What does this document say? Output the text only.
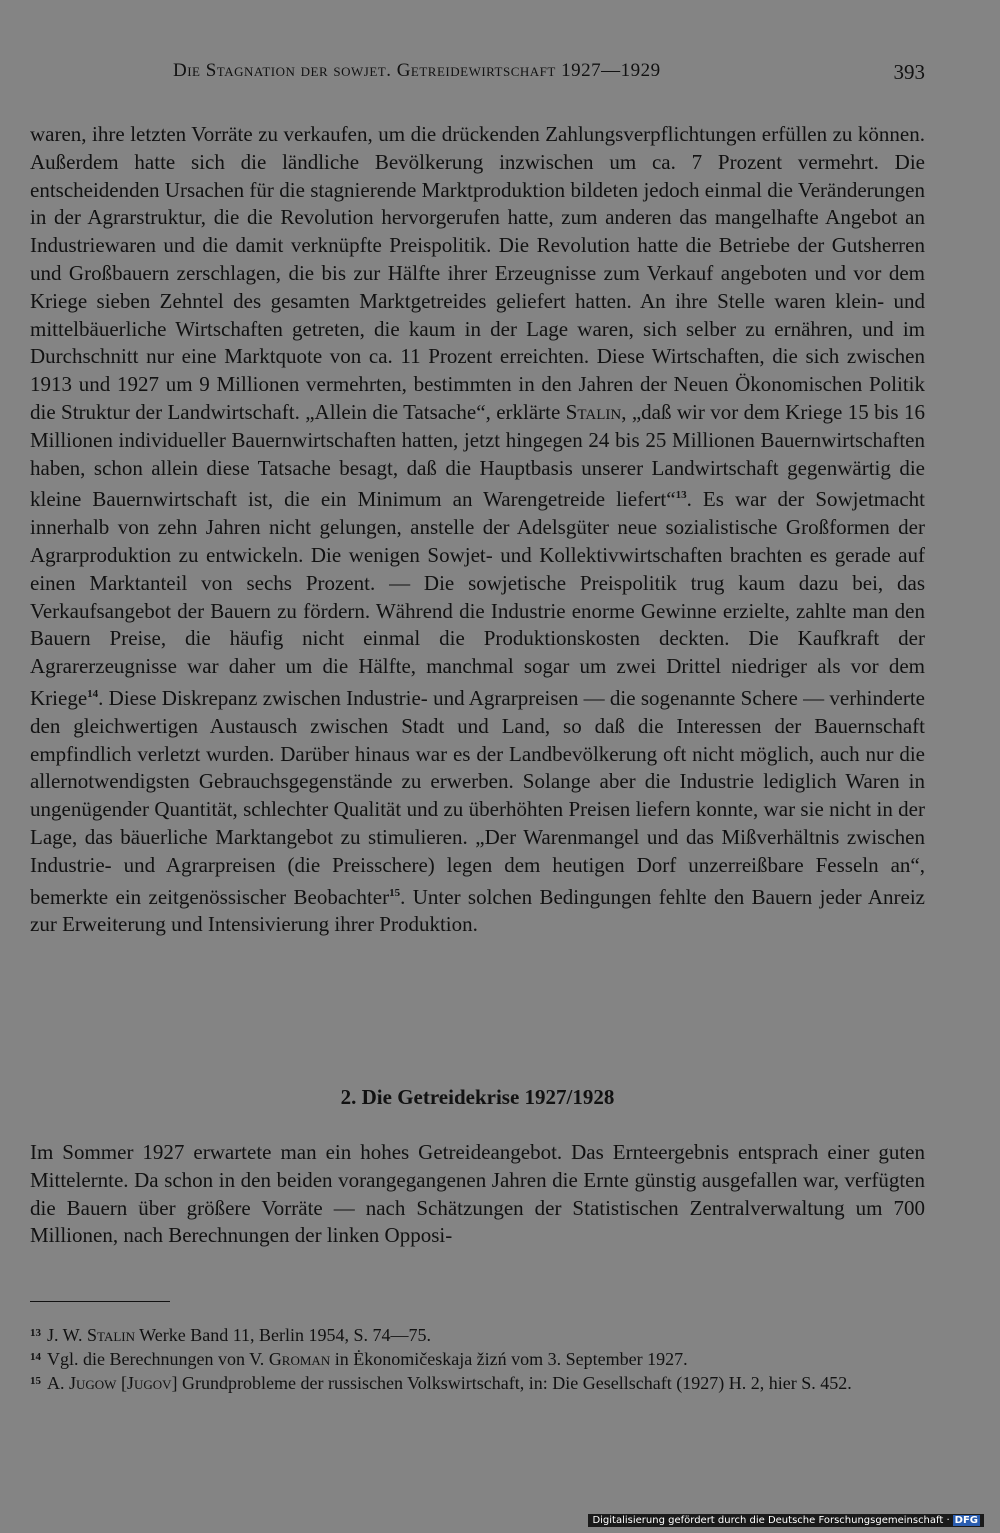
Die Stagnation der sowjet. Getreidewirtschaft 1927—1929	393

waren, ihre letzten Vorräte zu verkaufen, um die drückenden Zahlungsverpflichtungen erfüllen zu können. Außerdem hatte sich die ländliche Bevölkerung inzwischen um ca. 7 Prozent vermehrt. Die entscheidenden Ursachen für die stagnierende Marktproduktion bildeten jedoch einmal die Veränderungen in der Agrarstruktur, die die Revolution hervorgerufen hatte, zum anderen das mangelhafte Angebot an Industriewaren und die damit verknüpfte Preispolitik. Die Revolution hatte die Betriebe der Gutsherren und Großbauern zerschlagen, die bis zur Hälfte ihrer Erzeugnisse zum Verkauf angeboten und vor dem Kriege sieben Zehntel des gesamten Marktgetreides geliefert hatten. An ihre Stelle waren klein- und mittelbäuerliche Wirtschaften getreten, die kaum in der Lage waren, sich selber zu ernähren, und im Durchschnitt nur eine Marktquote von ca. 11 Prozent erreichten. Diese Wirtschaften, die sich zwischen 1913 und 1927 um 9 Millionen vermehrten, bestimmten in den Jahren der Neuen Ökonomischen Politik die Struktur der Landwirtschaft. „Allein die Tatsache“, erklärte Stalin, „daß wir vor dem Kriege 15 bis 16 Millionen individueller Bauernwirtschaften hatten, jetzt hingegen 24 bis 25 Millionen Bauernwirtschaften haben, schon allein diese Tatsache besagt, daß die Hauptbasis unserer Landwirtschaft gegenwärtig die kleine Bauernwirtschaft ist, die ein Minimum an Warengetreide liefert“$^{13}$. Es war der Sowjetmacht innerhalb von zehn Jahren nicht gelungen, anstelle der Adelsgüter neue sozialistische Großformen der Agrarproduktion zu entwickeln. Die wenigen Sowjet- und Kollektivwirtschaften brachten es gerade auf einen Marktanteil von sechs Prozent. — Die sowjetische Preispolitik trug kaum dazu bei, das Verkaufsangebot der Bauern zu fördern. Während die Industrie enorme Gewinne erzielte, zahlte man den Bauern Preise, die häufig nicht einmal die Produktionskosten deckten. Die Kaufkraft der Agrarerzeugnisse war daher um die Hälfte, manchmal sogar um zwei Drittel niedriger als vor dem Kriege$^{14}$. Diese Diskrepanz zwischen Industrie- und Agrarpreisen — die sogenannte Schere — verhinderte den gleichwertigen Austausch zwischen Stadt und Land, so daß die Interessen der Bauernschaft empfindlich verletzt wurden. Darüber hinaus war es der Landbevölkerung oft nicht möglich, auch nur die allernotwendigsten Gebrauchsgegenstände zu erwerben. Solange aber die Industrie lediglich Waren in ungenügender Quantität, schlechter Qualität und zu überhöhten Preisen liefern konnte, war sie nicht in der Lage, das bäuerliche Marktangebot zu stimulieren. „Der Warenmangel und das Mißverhältnis zwischen Industrie- und Agrarpreisen (die Preisschere) legen dem heutigen Dorf unzerreißbare Fesseln an“, bemerkte ein zeitgenössischer Beobachter$^{15}$. Unter solchen Bedingungen fehlte den Bauern jeder Anreiz zur Erweiterung und Intensivierung ihrer Produktion.

2. Die Getreidekrise 1927/1928

Im Sommer 1927 erwartete man ein hohes Getreideangebot. Das Ernteergebnis entsprach einer guten Mittelernte. Da schon in den beiden vorangegangenen Jahren die Ernte günstig ausgefallen war, verfügten die Bauern über größere Vorräte — nach Schätzungen der Statistischen Zentralverwaltung um 700 Millionen, nach Berechnungen der linken Opposi-

$^{13}$ J. W. Stalin Werke Band 11, Berlin 1954, S. 74—75.

$^{14}$ Vgl. die Berechnungen von V. Groman in Ėkonomičeskaja žizń vom 3. September 1927.

$^{15}$ A. Jugow [Jugov] Grundprobleme der russischen Volkswirtschaft, in: Die Gesellschaft (1927) H. 2, hier S. 452.

Digitalisierung gefördert durch die Deutsche Forschungsgemeinschaft · DFG
